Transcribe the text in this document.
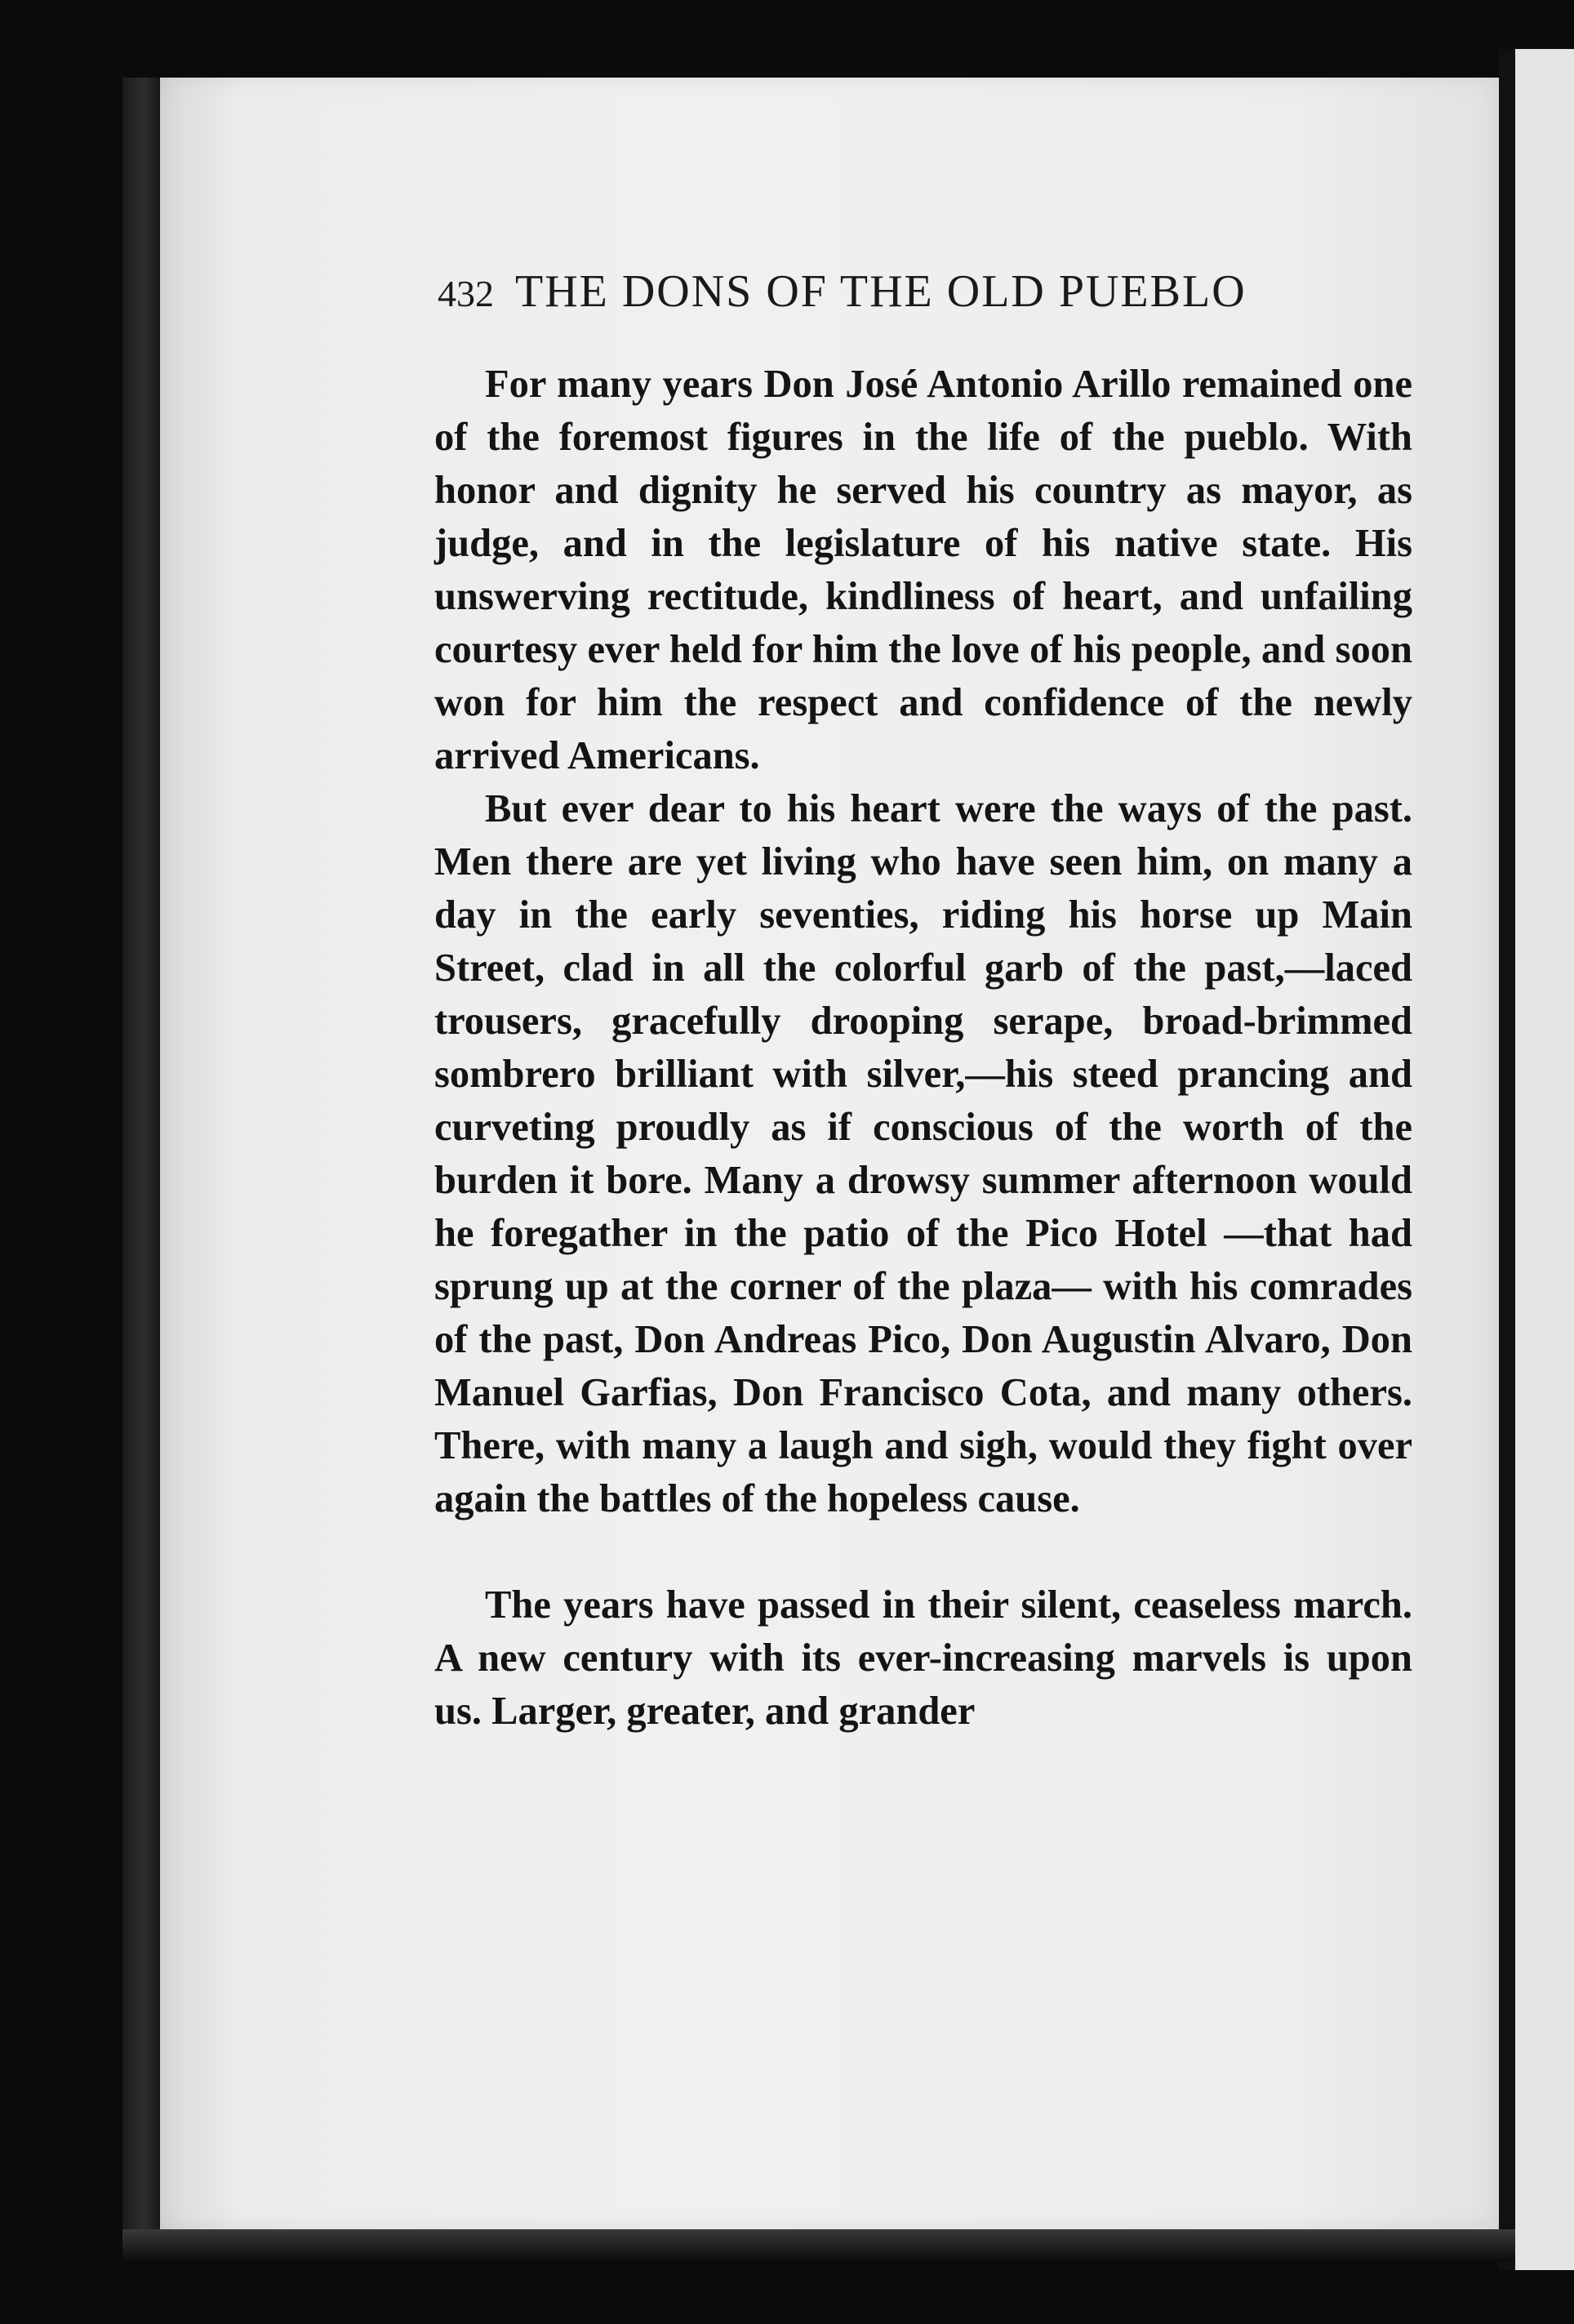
432 THE DONS OF THE OLD PUEBLO

For many years Don José Antonio Arillo remained one of the foremost figures in the life of the pueblo. With honor and dignity he served his country as mayor, as judge, and in the legislature of his native state. His unswerving rectitude, kindliness of heart, and unfailing courtesy ever held for him the love of his people, and soon won for him the respect and confidence of the newly arrived Americans.

But ever dear to his heart were the ways of the past. Men there are yet living who have seen him, on many a day in the early seventies, riding his horse up Main Street, clad in all the colorful garb of the past,—laced trousers, gracefully drooping serape, broad-brimmed sombrero brilliant with silver,—his steed prancing and curveting proudly as if conscious of the worth of the burden it bore. Many a drowsy summer afternoon would he foregather in the patio of the Pico Hotel —that had sprung up at the corner of the plaza— with his comrades of the past, Don Andreas Pico, Don Augustin Alvaro, Don Manuel Garfias, Don Francisco Cota, and many others. There, with many a laugh and sigh, would they fight over again the battles of the hopeless cause.

The years have passed in their silent, ceaseless march. A new century with its ever-increasing marvels is upon us. Larger, greater, and grander
